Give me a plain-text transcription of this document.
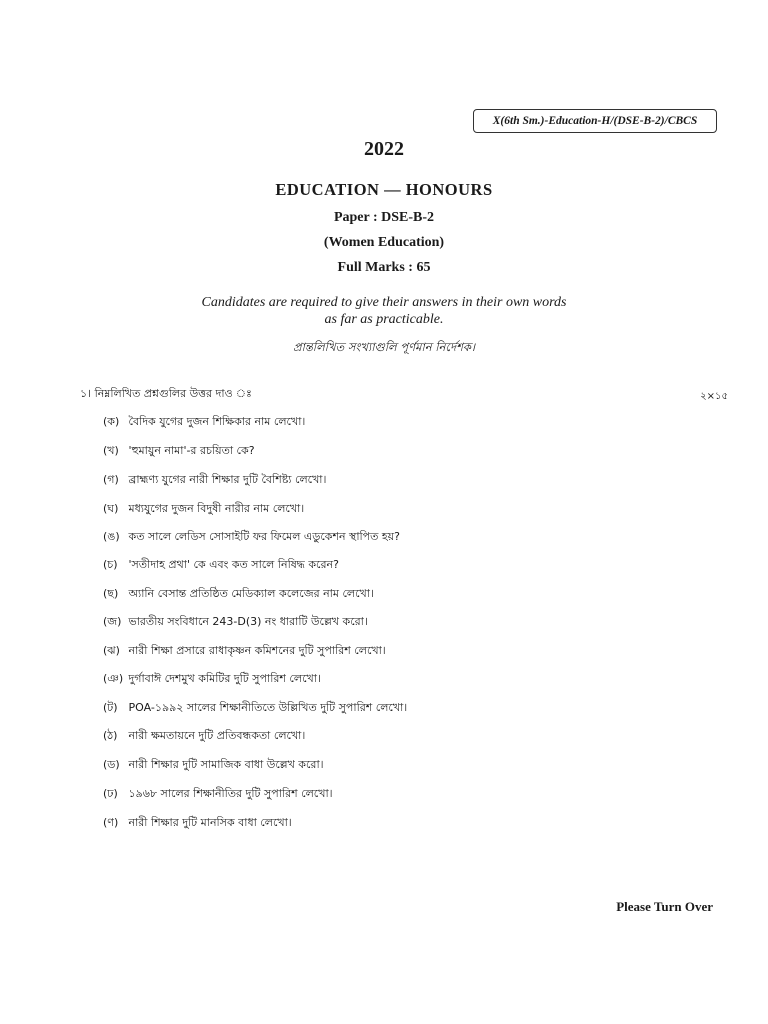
X(6th Sm.)-Education-H/(DSE-B-2)/CBCS
2022
EDUCATION — HONOURS
Paper : DSE-B-2
(Women Education)
Full Marks : 65
Candidates are required to give their answers in their own words
as far as practicable.
প্রান্তলিখিত সংখ্যাগুলি পূর্ণমান নির্দেশক।
১। নিম্নলিখিত প্রশ্নগুলির উত্তর দাও ঃ	২×১৫
(ক) বৈদিক যুগের দুজন শিক্ষিকার নাম লেখো।
(খ) 'হুমায়ুন নামা'-র রচয়িতা কে?
(গ) ব্রাহ্মণ্য যুগের নারী শিক্ষার দুটি বৈশিষ্ট্য লেখো।
(ঘ) মধ্যযুগের দুজন বিদুষী নারীর নাম লেখো।
(ঙ) কত সালে লেডিস সোসাইটি ফর ফিমেল এডুকেশন স্থাপিত হয়?
(চ) 'সতীদাহ প্রথা' কে এবং কত সালে নিষিদ্ধ করেন?
(ছ) অ্যানি বেসান্ত প্রতিষ্ঠিত মেডিক্যাল কলেজের নাম লেখো।
(জ) ভারতীয় সংবিধানে 243-D(3) নং ধারাটি উল্লেখ করো।
(ঝ) নারী শিক্ষা প্রসারে রাধাকৃষ্ণন কমিশনের দুটি সুপারিশ লেখো।
(ঞ) দুর্গাবাঈ দেশমুখ কমিটির দুটি সুপারিশ লেখো।
(ট) POA-১৯৯২ সালের শিক্ষানীতিতে উল্লিখিত দুটি সুপারিশ লেখো।
(ঠ) নারী ক্ষমতায়নে দুটি প্রতিবন্ধকতা লেখো।
(ড) নারী শিক্ষার দুটি সামাজিক বাধা উল্লেখ করো।
(ঢ) ১৯৬৮ সালের শিক্ষানীতির দুটি সুপারিশ লেখো।
(ণ) নারী শিক্ষার দুটি মানসিক বাধা লেখো।
Please Turn Over
